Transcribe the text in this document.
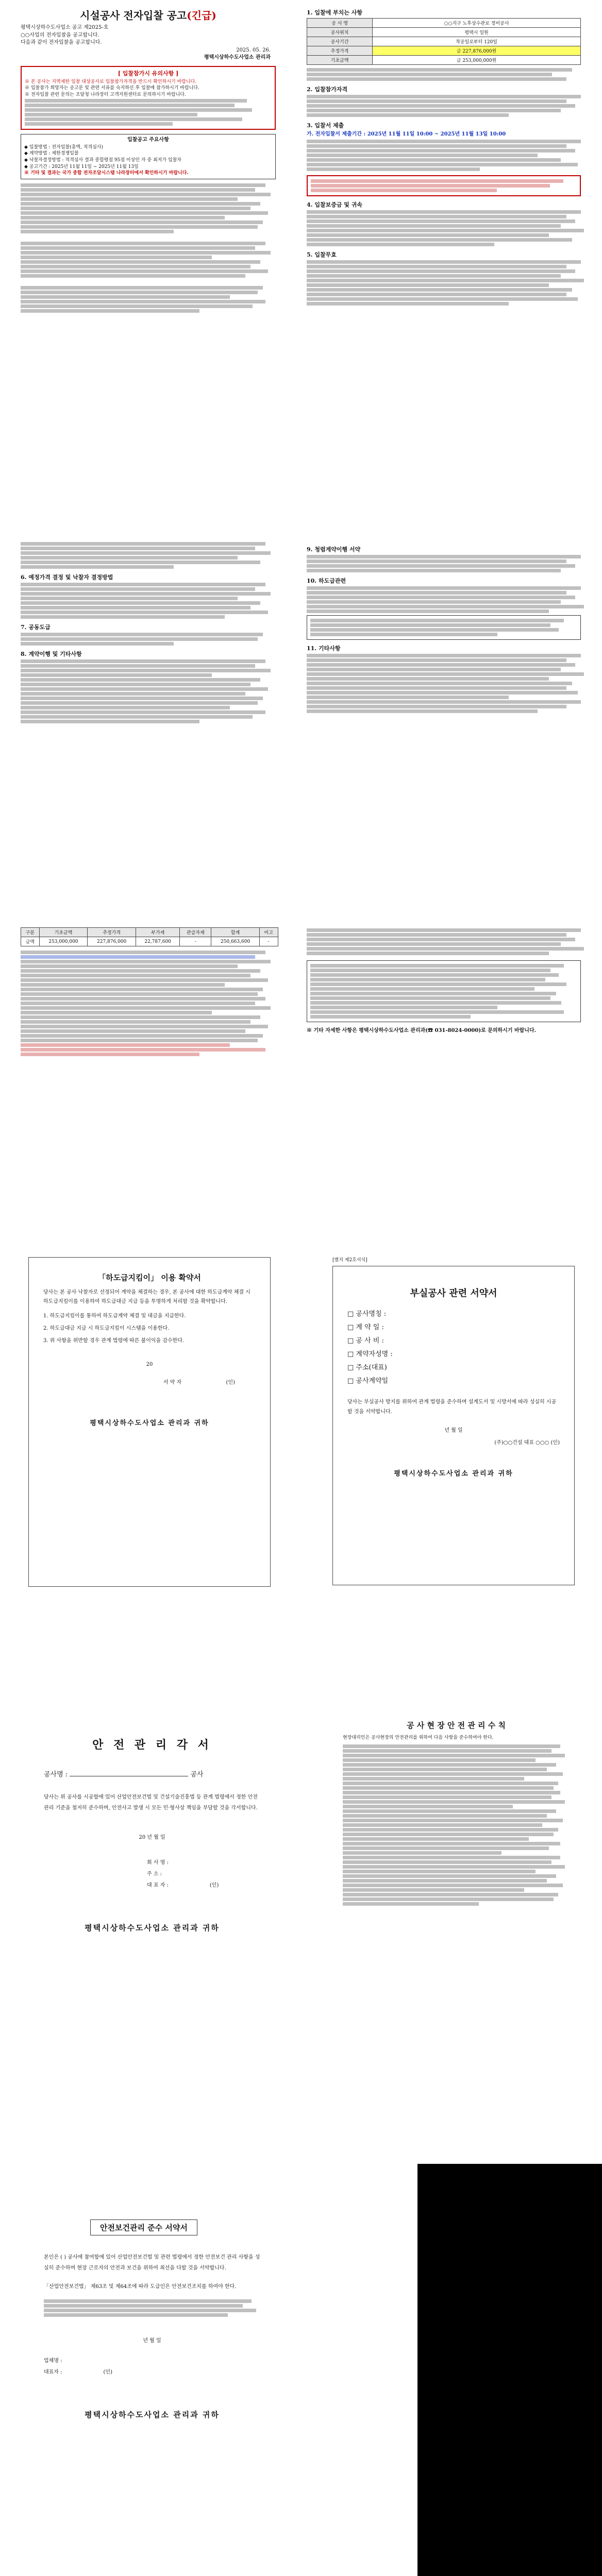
시설공사 전자입찰 공고(긴급)
평택시상하수도사업소 공고 제2025-호
○○사업의 전자입찰을 공고합니다.
다음과 같이 전자입찰을 공고합니다.
2025. 05. 26.
평택시상하수도사업소 관리과
[ 입찰참가시 유의사항 ]
※ 본 공사는 지역제한 입찰 대상공사로 입찰참가자격을 반드시 확인하시기 바랍니다.
※ 입찰참가 희망자는 공고문 및 관련 서류를 숙지하신 후 입찰에 참가하시기 바랍니다.
※ 전자입찰 관련 문의는 조달청 나라장터 고객지원센터로 문의하시기 바랍니다.
입찰공고 주요사항
◆ 입찰방법 : 전자입찰(총액, 적격심사)
◆ 계약방법 : 제한경쟁입찰
◆ 낙찰자결정방법 : 적격심사 결과 종합평점 95점 이상인 자 중 최저가 입찰자
◆ 공고기간 : 2025년 11월 11일 ~ 2025년 11월 13일
※ 기타 및 결과는 국가 종합 전자조달시스템 나라장터에서 확인하시기 바랍니다.
1. 입찰에 부치는 사항
공 사 명	○○지구 노후상수관로 정비공사
공사위치	평택시 일원
공사기간	착공일로부터 120일
추정가격	금 227,876,000원
기초금액	금 253,000,000원
2. 입찰참가자격
3. 입찰서 제출
가. 전자입찰서 제출기간 : 2025년 11월 11일 10:00 ~ 2025년 11월 13일 10:00
4. 입찰보증금 및 귀속
5. 입찰무효
6. 예정가격 결정 및 낙찰자 결정방법
7. 공동도급
8. 계약이행 및 기타사항
9. 청렴계약이행 서약
10. 하도급관련
11. 기타사항
구분	기초금액	추정가격	부가세	관급자재	합계	비고
금액	253,000,000	227,876,000	22,787,600	-	250,663,600	-
※ 기타 자세한 사항은 평택시상하수도사업소 관리과(☎ 031-8024-0000)로 문의하시기 바랍니다.
「하도급지킴이」 이용 확약서
당사는 본 공사 낙찰자로 선정되어 계약을 체결하는 경우, 본 공사에 대한 하도급계약 체결 시 하도급지킴이를 이용하여 하도급대금 지급 등을 투명하게 처리할 것을 확약합니다.
1. 하도급지킴이를 통하여 하도급계약 체결 및 대금을 지급한다.
2. 하도급대금 지급 시 하도급지킴이 시스템을 이용한다.
3. 위 사항을 위반할 경우 관계 법령에 따른 불이익을 감수한다.
20
서 약 자	(인)
평택시상하수도사업소 관리과 귀하
[별지 제2호서식]
부실공사 관련 서약서
□ 공사명칭 :
□ 계 약 일 :
□ 공 사 비 :
□ 계약자성명 :
□ 주소(대표)
□ 공사계약일
당사는 부실공사 방지를 위하여 관계 법령을 준수하며 설계도서 및 시방서에 따라 성실히 시공할 것을 서약합니다.
년 월 일
(주)○○건설 대표 ○○○ (인)
평택시상하수도사업소 관리과 귀하
안 전 관 리 각 서
공사명 :	공사
당사는 위 공사를 시공함에 있어 산업안전보건법 및 건설기술진흥법 등 관계 법령에서 정한 안전관리 기준을 철저히 준수하며, 안전사고 발생 시 모든 민·형사상 책임을 부담할 것을 각서합니다.
20 년 월 일
회 사 명 :
주 소 :
대 표 자 :	(인)
평택시상하수도사업소 관리과 귀하
공 사 현 장 안 전 관 리 수 칙
현장대리인은 공사현장의 안전관리를 위하여 다음 사항을 준수하여야 한다.
안전보건관리 준수 서약서
본인은 ( ) 공사에 참여함에 있어 산업안전보건법 및 관련 법령에서 정한 안전보건 관리 사항을 성실히 준수하며 현장 근로자의 안전과 보건을 위하여 최선을 다할 것을 서약합니다.
「산업안전보건법」 제63조 및 제64조에 따라 도급인은 안전보건조치를 하여야 한다.
년 월 일
업체명 :
대표자 :	(인)
평택시상하수도사업소 관리과 귀하
